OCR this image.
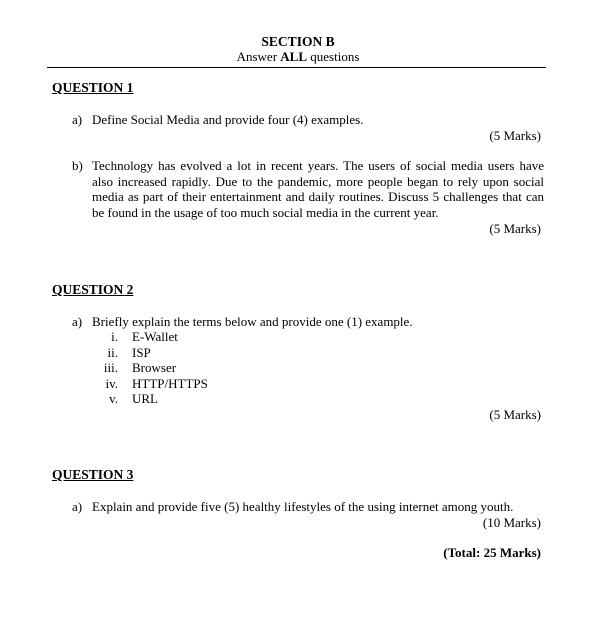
SECTION B
Answer ALL questions
QUESTION 1
a) Define Social Media and provide four (4) examples.
(5 Marks)
b) Technology has evolved a lot in recent years. The users of social media users have also increased rapidly. Due to the pandemic, more people began to rely upon social media as part of their entertainment and daily routines. Discuss 5 challenges that can be found in the usage of too much social media in the current year.
(5 Marks)
QUESTION 2
a) Briefly explain the terms below and provide one (1) example.
i. E-Wallet
ii. ISP
iii. Browser
iv. HTTP/HTTPS
v. URL
(5 Marks)
QUESTION 3
a) Explain and provide five (5) healthy lifestyles of the using internet among youth.
(10 Marks)
(Total: 25 Marks)
